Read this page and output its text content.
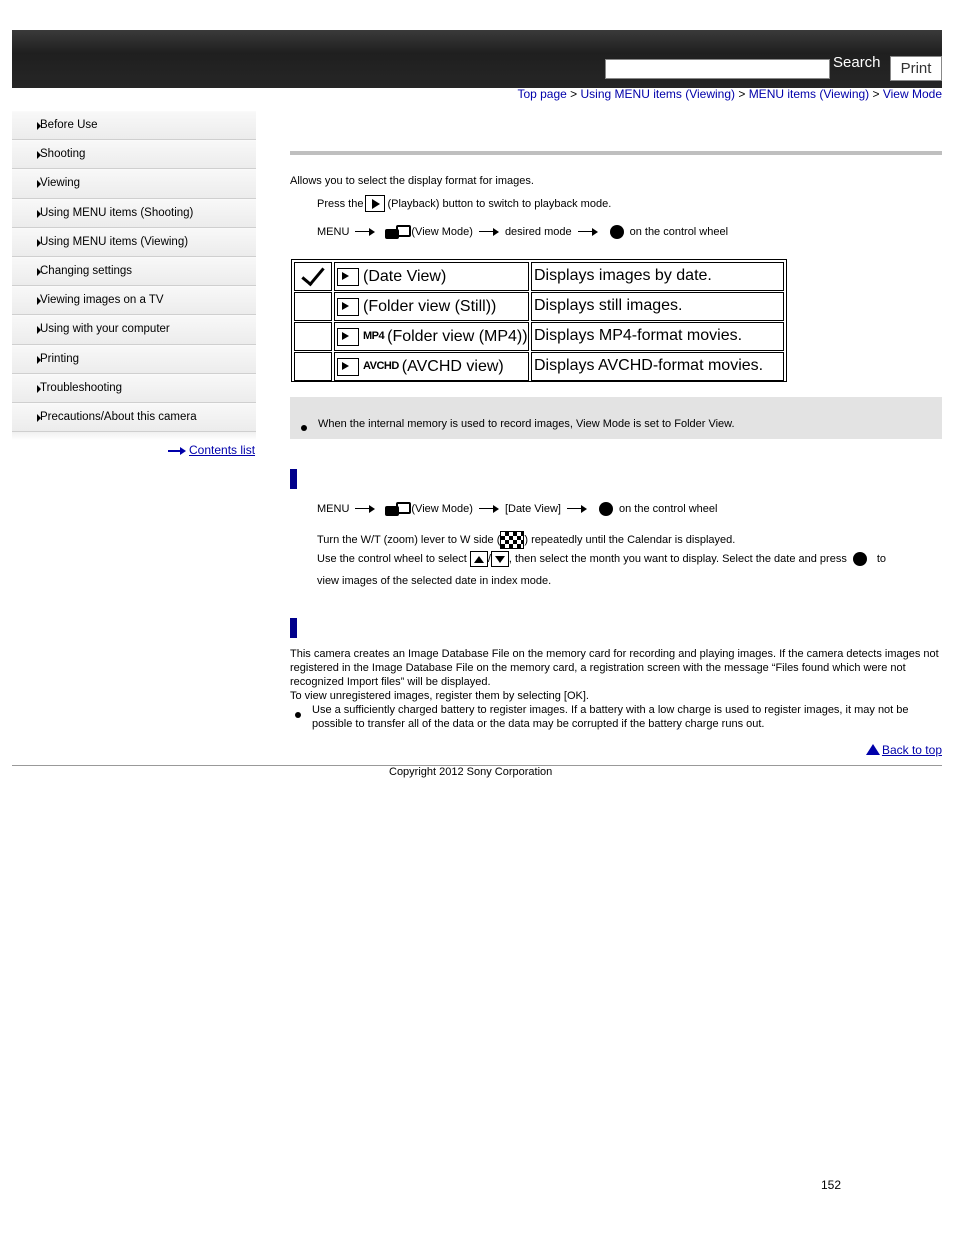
Search	Print
Top page > Using MENU items (Viewing) > MENU items (Viewing) > View Mode
Before Use
Shooting
Viewing
Using MENU items (Shooting)
Using MENU items (Viewing)
Changing settings
Viewing images on a TV
Using with your computer
Printing
Troubleshooting
Precautions/About this camera
Contents list
Allows you to select the display format for images.
Press the (Playback) button to switch to playback mode.
MENU	(View Mode)	desired mode	on the control wheel
(Date View)	Displays images by date.
(Folder view (Still)) Displays still images.
MP4 (Folder view (MP4)) Displays MP4-format movies.
AVCHD (AVCHD view) Displays AVCHD-format movies.
When the internal memory is used to record images, View Mode is set to Folder View.
MENU	(View Mode)	[Date View]	on the control wheel
Turn the W/T (zoom) lever to W side ( ) repeatedly until the Calendar is displayed.
Use the control wheel to select / , then select the month you want to display. Select the date and press	to
view images of the selected date in index mode.
This camera creates an Image Database File on the memory card for recording and playing images. If the camera detects images not registered in the Image Database File on the memory card, a registration screen with the message “Files found which were not recognized Import files” will be displayed.
To view unregistered images, register them by selecting [OK].
Use a sufficiently charged battery to register images. If a battery with a low charge is used to register images, it may not be possible to transfer all of the data or the data may be corrupted if the battery charge runs out.
Back to top
Copyright 2012 Sony Corporation
152
